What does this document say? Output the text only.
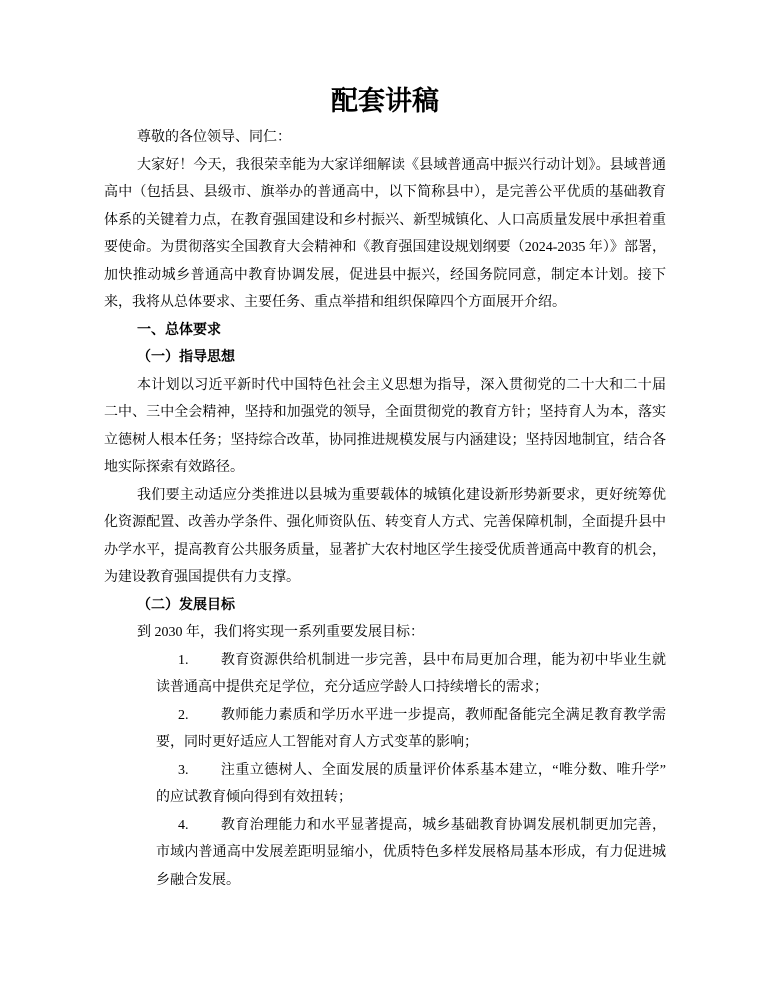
配套讲稿

尊敬的各位领导、同仁：

大家好！今天，我很荣幸能为大家详细解读《县域普通高中振兴行动计划》。县域普通高中（包括县、县级市、旗举办的普通高中，以下简称县中），是完善公平优质的基础教育体系的关键着力点，在教育强国建设和乡村振兴、新型城镇化、人口高质量发展中承担着重要使命。为贯彻落实全国教育大会精神和《教育强国建设规划纲要（2024-2035 年）》部署，加快推动城乡普通高中教育协调发展，促进县中振兴，经国务院同意，制定本计划。接下来，我将从总体要求、主要任务、重点举措和组织保障四个方面展开介绍。

一、总体要求

（一）指导思想

本计划以习近平新时代中国特色社会主义思想为指导，深入贯彻党的二十大和二十届二中、三中全会精神，坚持和加强党的领导，全面贯彻党的教育方针；坚持育人为本，落实立德树人根本任务；坚持综合改革，协同推进规模发展与内涵建设；坚持因地制宜，结合各地实际探索有效路径。

我们要主动适应分类推进以县城为重要载体的城镇化建设新形势新要求，更好统筹优化资源配置、改善办学条件、强化师资队伍、转变育人方式、完善保障机制，全面提升县中办学水平，提高教育公共服务质量，显著扩大农村地区学生接受优质普通高中教育的机会，为建设教育强国提供有力支撑。

（二）发展目标

到 2030 年，我们将实现一系列重要发展目标：

1. 教育资源供给机制进一步完善，县中布局更加合理，能为初中毕业生就读普通高中提供充足学位，充分适应学龄人口持续增长的需求；

2. 教师能力素质和学历水平进一步提高，教师配备能完全满足教育教学需要，同时更好适应人工智能对育人方式变革的影响；

3. 注重立德树人、全面发展的质量评价体系基本建立，“唯分数、唯升学” 的应试教育倾向得到有效扭转；

4. 教育治理能力和水平显著提高，城乡基础教育协调发展机制更加完善，市域内普通高中发展差距明显缩小，优质特色多样发展格局基本形成，有力促进城乡融合发展。
